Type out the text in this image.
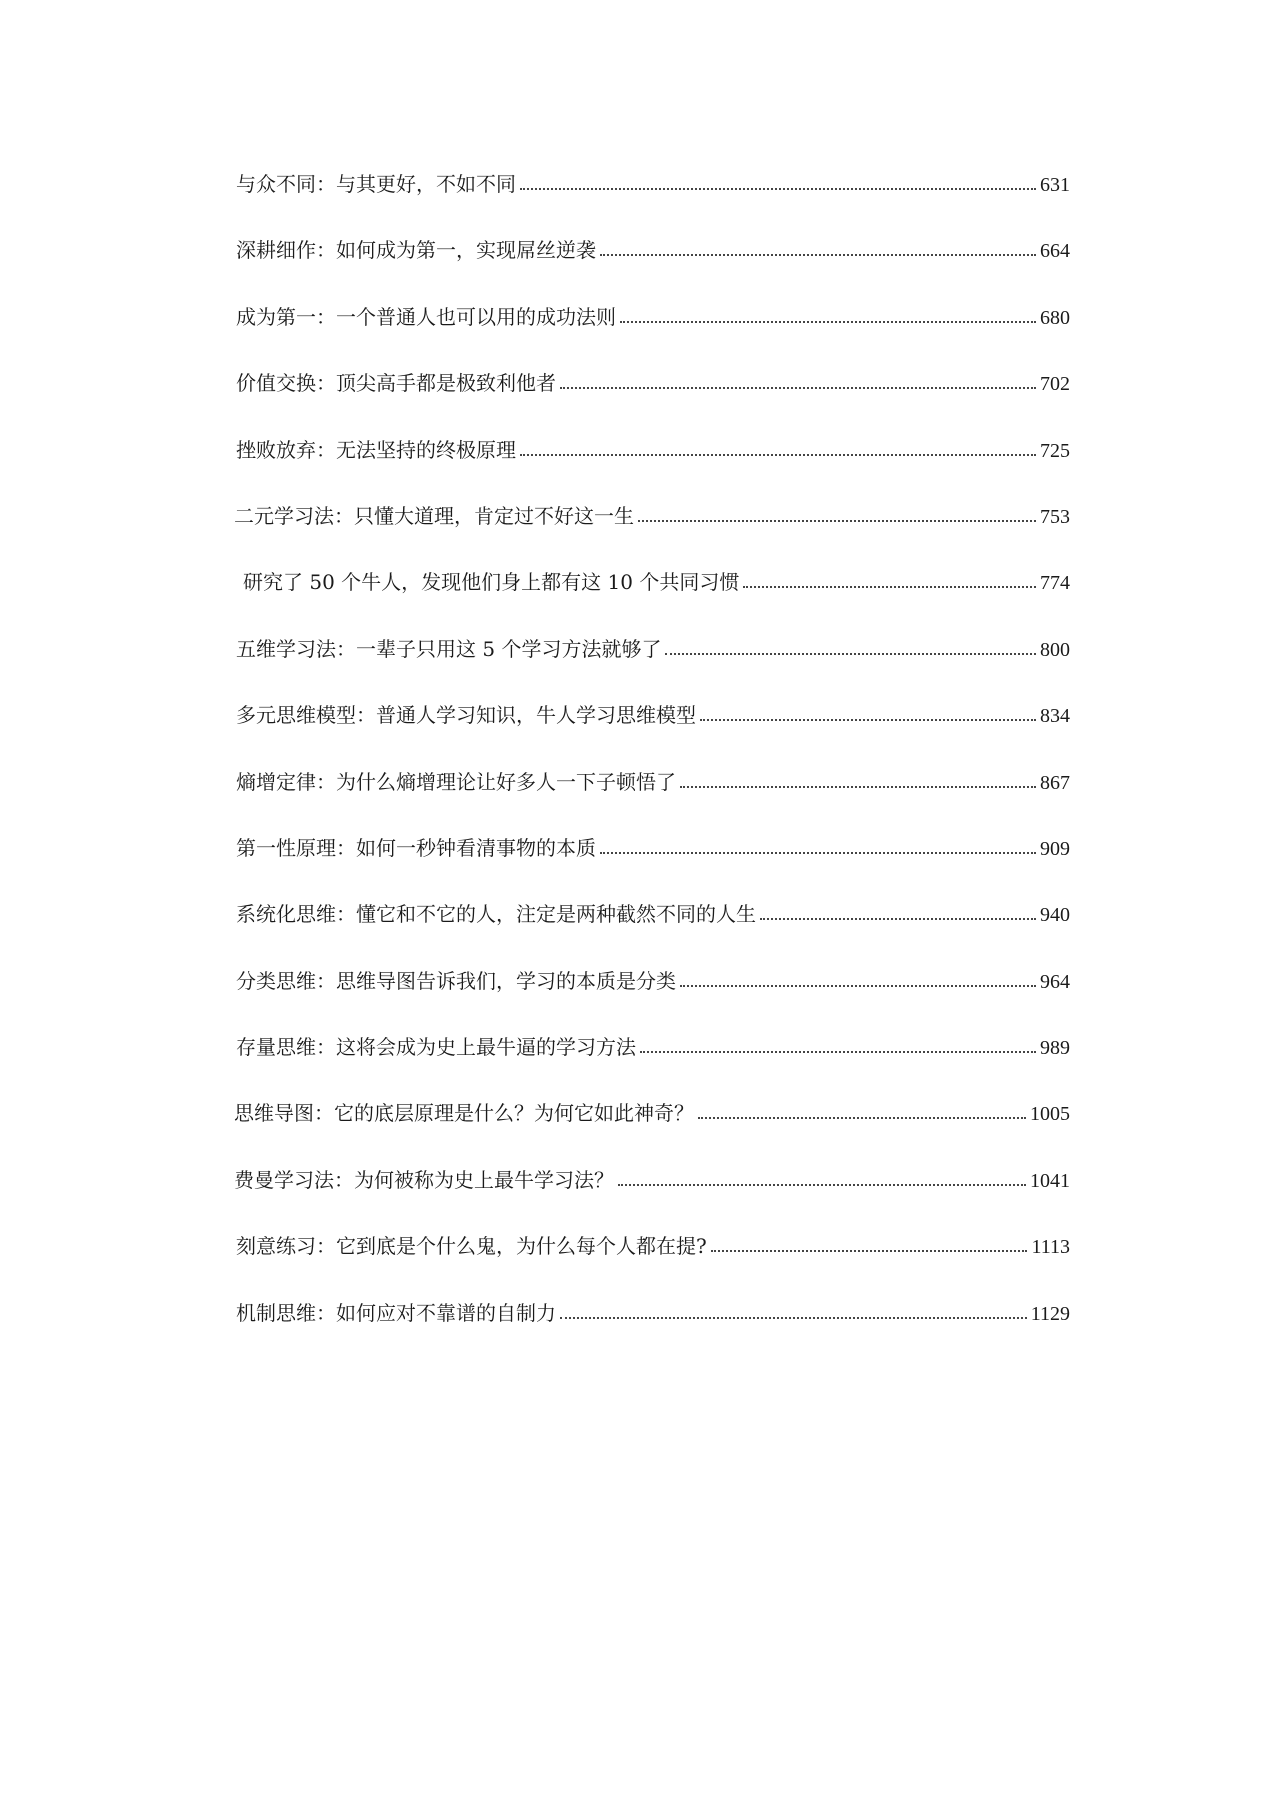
与众不同：与其更好，不如不同	631
深耕细作：如何成为第一，实现屌丝逆袭	664
成为第一：一个普通人也可以用的成功法则	680
价值交换：顶尖高手都是极致利他者	702
挫败放弃：无法坚持的终极原理	725
二元学习法：只懂大道理，肯定过不好这一生	753
研究了 50 个牛人，发现他们身上都有这 10 个共同习惯	774
五维学习法：一辈子只用这 5 个学习方法就够了	800
多元思维模型：普通人学习知识，牛人学习思维模型	834
熵增定律：为什么熵增理论让好多人一下子顿悟了	867
第一性原理：如何一秒钟看清事物的本质	909
系统化思维：懂它和不它的人，注定是两种截然不同的人生	940
分类思维：思维导图告诉我们，学习的本质是分类	964
存量思维：这将会成为史上最牛逼的学习方法	989
思维导图：它的底层原理是什么？为何它如此神奇？	1005
费曼学习法：为何被称为史上最牛学习法？	1041
刻意练习：它到底是个什么鬼，为什么每个人都在提?	1113
机制思维：如何应对不靠谱的自制力	1129
